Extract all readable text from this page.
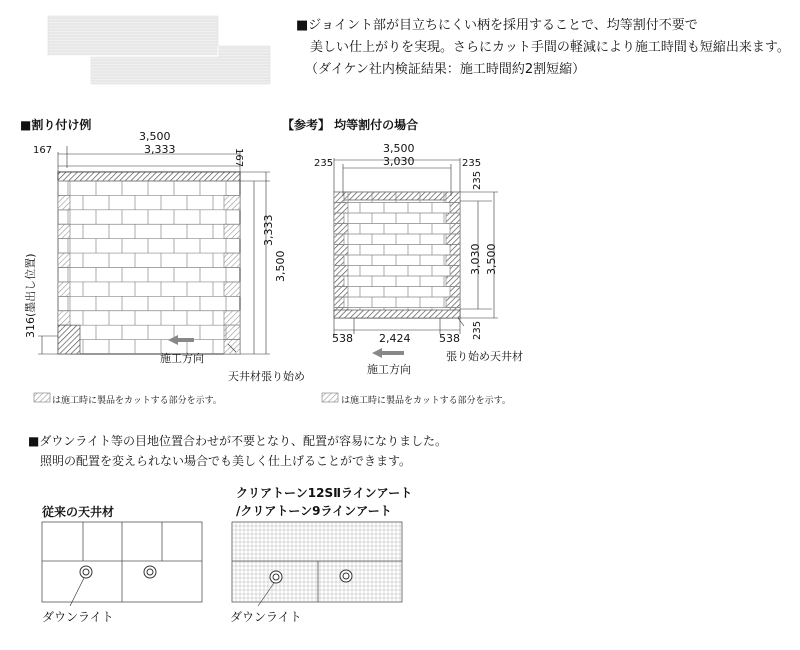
■ジョイント部が目立ちにくい柄を採用することで、均等割付不要で
美しい仕上がりを実現。さらにカット手間の軽減により施工時間も短縮出来ます。
（ダイケン社内検証結果：施工時間約2割短縮）
■割り付け例	【参考】 均等割付の場合
3,500
3,333
167	167
3,333
3,500
316(墨出し位置)
施工方向
天井材張り始め
は施工時に製品をカットする部分を示す。
3,500
3,030
235	235
235
3,030 3,500
235
538 2,424	538
施工方向
張り始め天井材
は施工時に製品をカットする部分を示す。
■ダウンライト等の目地位置合わせが不要となり、配置が容易になりました。
照明の配置を変えられない場合でも美しく仕上げることができます。
従来の天井材
クリアトーン12SⅡラインアート
/クリアトーン9ラインアート
ダウンライト	ダウンライト
